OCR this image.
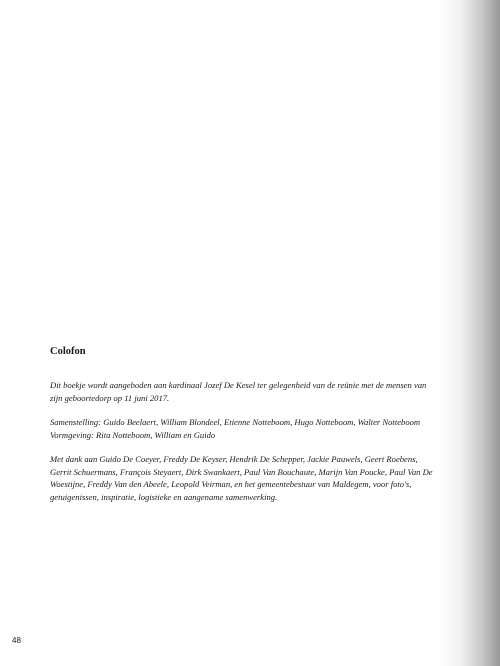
Colofon

Dit boekje wordt aangeboden aan kardinaal Jozef De Kesel ter gelegenheid van de reünie met de mensen van zijn geboortedorp op 11 juni 2017.

Samenstelling: Guido Beelaert, William Blondeel, Etienne Notteboom, Hugo Notteboom, Walter Notteboom Vormgeving: Rita Notteboom, William en Guido

Met dank aan Guido De Coeyer, Freddy De Keyser, Hendrik De Schepper, Jackie Pauwels, Geert Roebens, Gerrit Schuermans, François Steyaert, Dirk Swankaert, Paul Van Bouchaute, Marijn Van Poucke, Paul Van De Woestijne, Freddy Van den Abeele, Leopold Veirman, en het gemeentebestuur van Maldegem, voor foto's, getuigenissen, inspiratie, logistieke en aangename samenwerking.

48
